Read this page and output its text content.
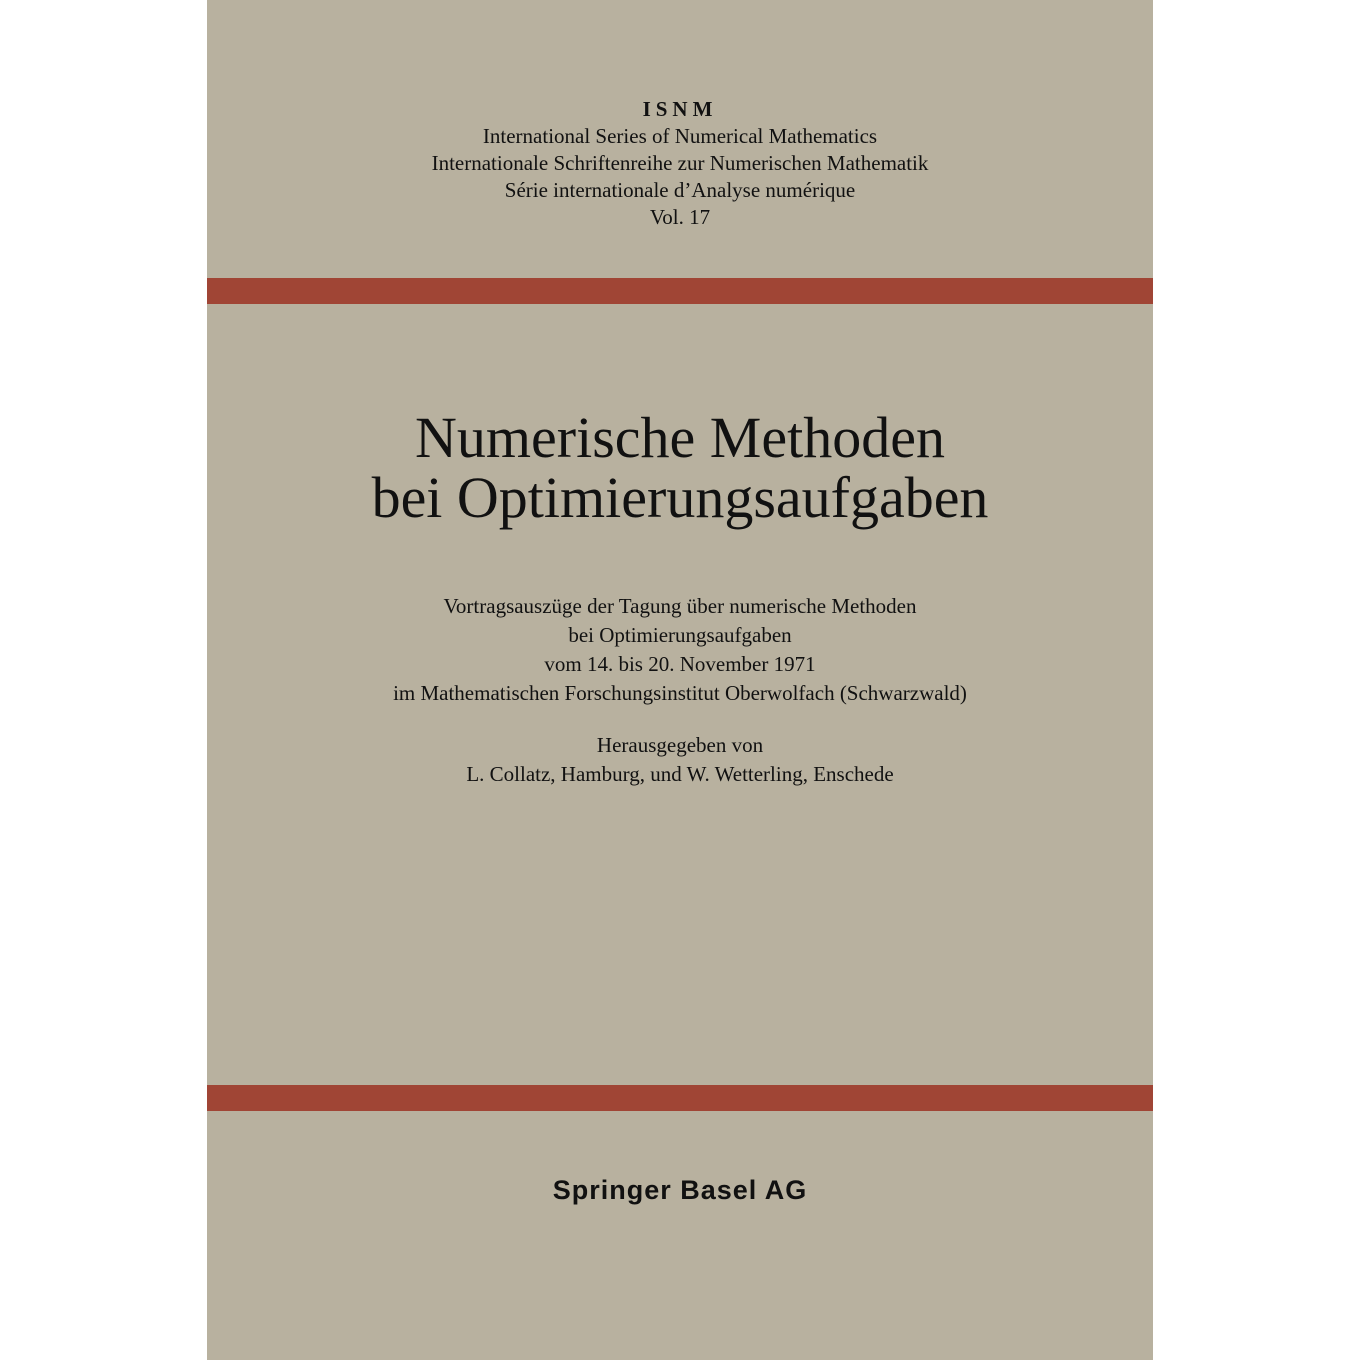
ISNM
International Series of Numerical Mathematics
Internationale Schriftenreihe zur Numerischen Mathematik
Série internationale d’Analyse numérique
Vol. 17
Numerische Methoden
bei Optimierungsaufgaben
Vortragsauszüge der Tagung über numerische Methoden
bei Optimierungsaufgaben
vom 14. bis 20. November 1971
im Mathematischen Forschungsinstitut Oberwolfach (Schwarzwald)
Herausgegeben von
L. Collatz, Hamburg, und W. Wetterling, Enschede
Springer Basel AG
